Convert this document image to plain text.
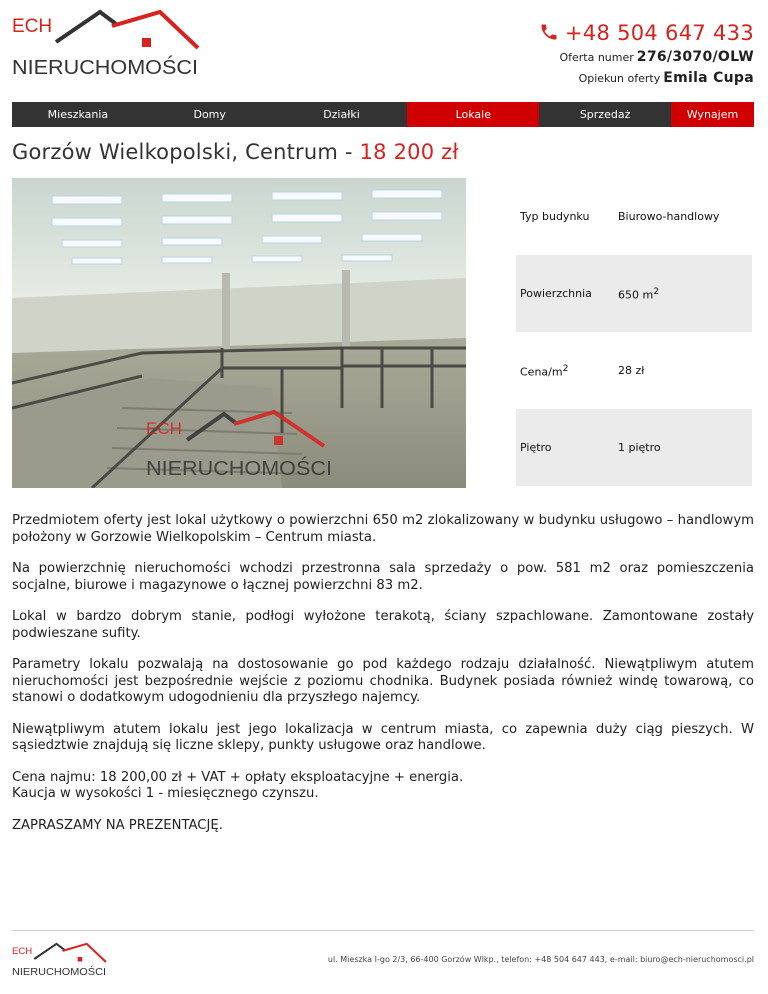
ECH
NIERUCHOMOŚCI
+48 504 647 433
Oferta numer 276/3070/OLW
Opiekun oferty Emila Cupa
Mieszkania	Domy	Działki	Lokale	Sprzedaż	Wynajem
Gorzów Wielkopolski, Centrum - 18 200 zł
ECH
NIERUCHOMOŚCI
Typ budynku	Biurowo-handlowy
Powierzchnia	650 $m^2$
Cena/$m^2$	28 zł
Piętro	1 piętro

Przedmiotem oferty jest lokal użytkowy o powierzchni 650 m2 zlokalizowany w budynku usługowo – handlowym położony w Gorzowie Wielkopolskim – Centrum miasta.

Na powierzchnię nieruchomości wchodzi przestronna sala sprzedaży o pow. 581 m2 oraz pomieszczenia socjalne, biurowe i magazynowe o łącznej powierzchni 83 m2.

Lokal w bardzo dobrym stanie, podłogi wyłożone terakotą, ściany szpachlowane. Zamontowane zostały podwieszane sufity.

Parametry lokalu pozwalają na dostosowanie go pod każdego rodzaju działalność. Niewątpliwym atutem nieruchomości jest bezpośrednie wejście z poziomu chodnika. Budynek posiada również windę towarową, co stanowi o dodatkowym udogodnieniu dla przyszłego najemcy.

Niewątpliwym atutem lokalu jest jego lokalizacja w centrum miasta, co zapewnia duży ciąg pieszych. W sąsiedztwie znajdują się liczne sklepy, punkty usługowe oraz handlowe.

Cena najmu: 18 200,00 zł + VAT + opłaty eksploatacyjne + energia.

Kaucja w wysokości 1 - miesięcznego czynszu.

ZAPRASZAMY NA PREZENTACJĘ.

ECH
NIERUCHOMOŚCI
ul. Mieszka I-go 2/3, 66-400 Gorzów Wlkp., telefon: +48 504 647 443, e-mail: biuro@ech-nieruchomosci.pl
